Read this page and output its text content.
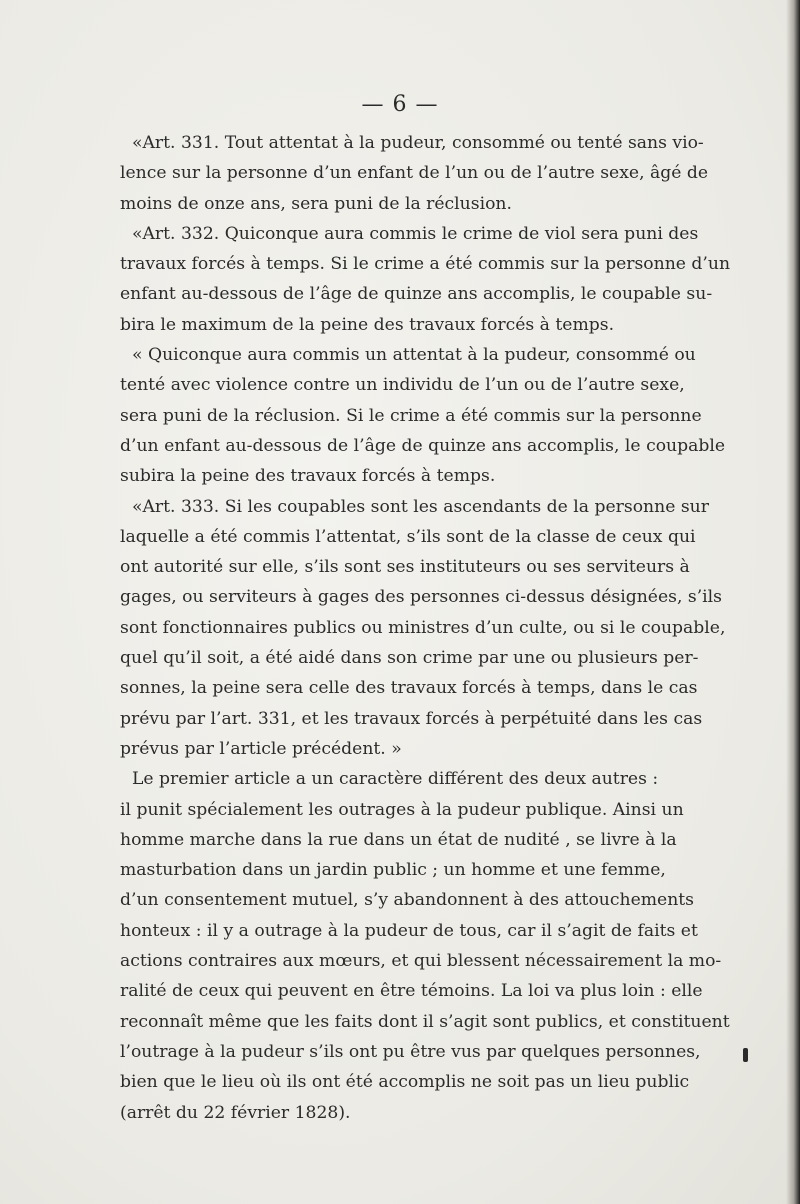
— 6 —

«Art. 331. Tout attentat à la pudeur, consommé ou tenté sans vio-
lence sur la personne d’un enfant de l’un ou de l’autre sexe, âgé de
moins de onze ans, sera puni de la réclusion.

«Art. 332. Quiconque aura commis le crime de viol sera puni des
travaux forcés à temps. Si le crime a été commis sur la personne d’un
enfant au-dessous de l’âge de quinze ans accomplis, le coupable su-
bira le maximum de la peine des travaux forcés à temps.

« Quiconque aura commis un attentat à la pudeur, consommé ou
tenté avec violence contre un individu de l’un ou de l’autre sexe,
sera puni de la réclusion. Si le crime a été commis sur la personne
d’un enfant au-dessous de l’âge de quinze ans accomplis, le coupable
subira la peine des travaux forcés à temps.

«Art. 333. Si les coupables sont les ascendants de la personne sur
laquelle a été commis l’attentat, s’ils sont de la classe de ceux qui
ont autorité sur elle, s’ils sont ses instituteurs ou ses serviteurs à
gages, ou serviteurs à gages des personnes ci-dessus désignées, s’ils
sont fonctionnaires publics ou ministres d’un culte, ou si le coupable,
quel qu’il soit, a été aidé dans son crime par une ou plusieurs per-
sonnes, la peine sera celle des travaux forcés à temps, dans le cas
prévu par l’art. 331, et les travaux forcés à perpétuité dans les cas
prévus par l’article précédent. »

Le premier article a un caractère différent des deux autres :
il punit spécialement les outrages à la pudeur publique. Ainsi un
homme marche dans la rue dans un état de nudité , se livre à la
masturbation dans un jardin public ; un homme et une femme,
d’un consentement mutuel, s’y abandonnent à des attouchements
honteux : il y a outrage à la pudeur de tous, car il s’agit de faits et
actions contraires aux mœurs, et qui blessent nécessairement la mo-
ralité de ceux qui peuvent en être témoins. La loi va plus loin : elle
reconnaît même que les faits dont il s’agit sont publics, et constituent
l’outrage à la pudeur s’ils ont pu être vus par quelques personnes,
bien que le lieu où ils ont été accomplis ne soit pas un lieu public
(arrêt du 22 février 1828).
